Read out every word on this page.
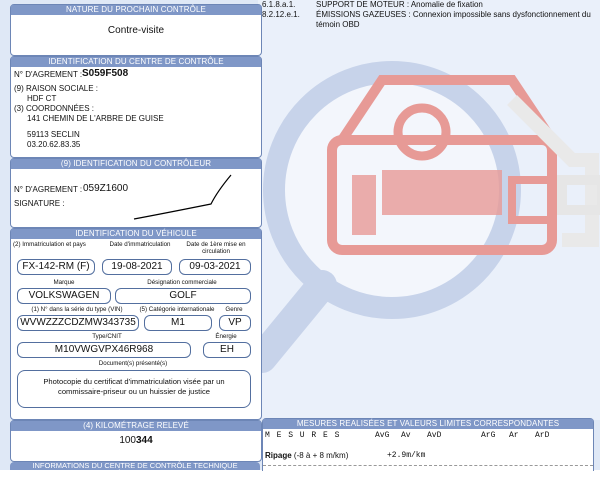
6.1.8.a.1.	SUPPORT DE MOTEUR : Anomalie de fixation
8.2.12.e.1. ÉMISSIONS GAZEUSES : Connexion impossible sans dysfonctionnement du témoin OBD
NATURE DU PROCHAIN CONTRÔLE
Contre-visite
IDENTIFICATION DU CENTRE DE CONTRÔLE
N° D'AGREMENT : S059F508
(9) RAISON SOCIALE :
HDF CT
(3) COORDONNÉES :
141 CHEMIN DE L'ARBRE DE GUISE
59113 SECLIN
03.20.62.83.35
(9) IDENTIFICATION DU CONTRÔLEUR
N° D'AGREMENT : 059Z1600
SIGNATURE :
IDENTIFICATION DU VÉHICULE
(2) Immatriculation et pays	Date d'immatriculation	Date de 1ère mise en circulation
FX-142-RM (F)	19-08-2021	09-03-2021
Marque	Désignation commerciale
VOLKSWAGEN	GOLF
(1) N° dans la série du type (VIN)	(5) Catégorie internationale	Genre
WVWZZZCDZMW343735	M1	VP
Type/CNIT	Énergie
M10VWGVPX46R968	EH
Document(s) présenté(s)
Photocopie du certificat d'immatriculation visée par un commissaire-priseur ou un huissier de justice
(4) KILOMÉTRAGE RELEVÉ
100344
INFORMATIONS DU CENTRE DE CONTRÔLE TECHNIQUE DÉSIGNABLE
MESURES REALISÉES ET VALEURS LIMITES CORRESPONDANTES
M E S U R E S	AvG Av AvD	ArG Ar ArD
Ripage (-8 à + 8 m/km)	+2.9m/km
